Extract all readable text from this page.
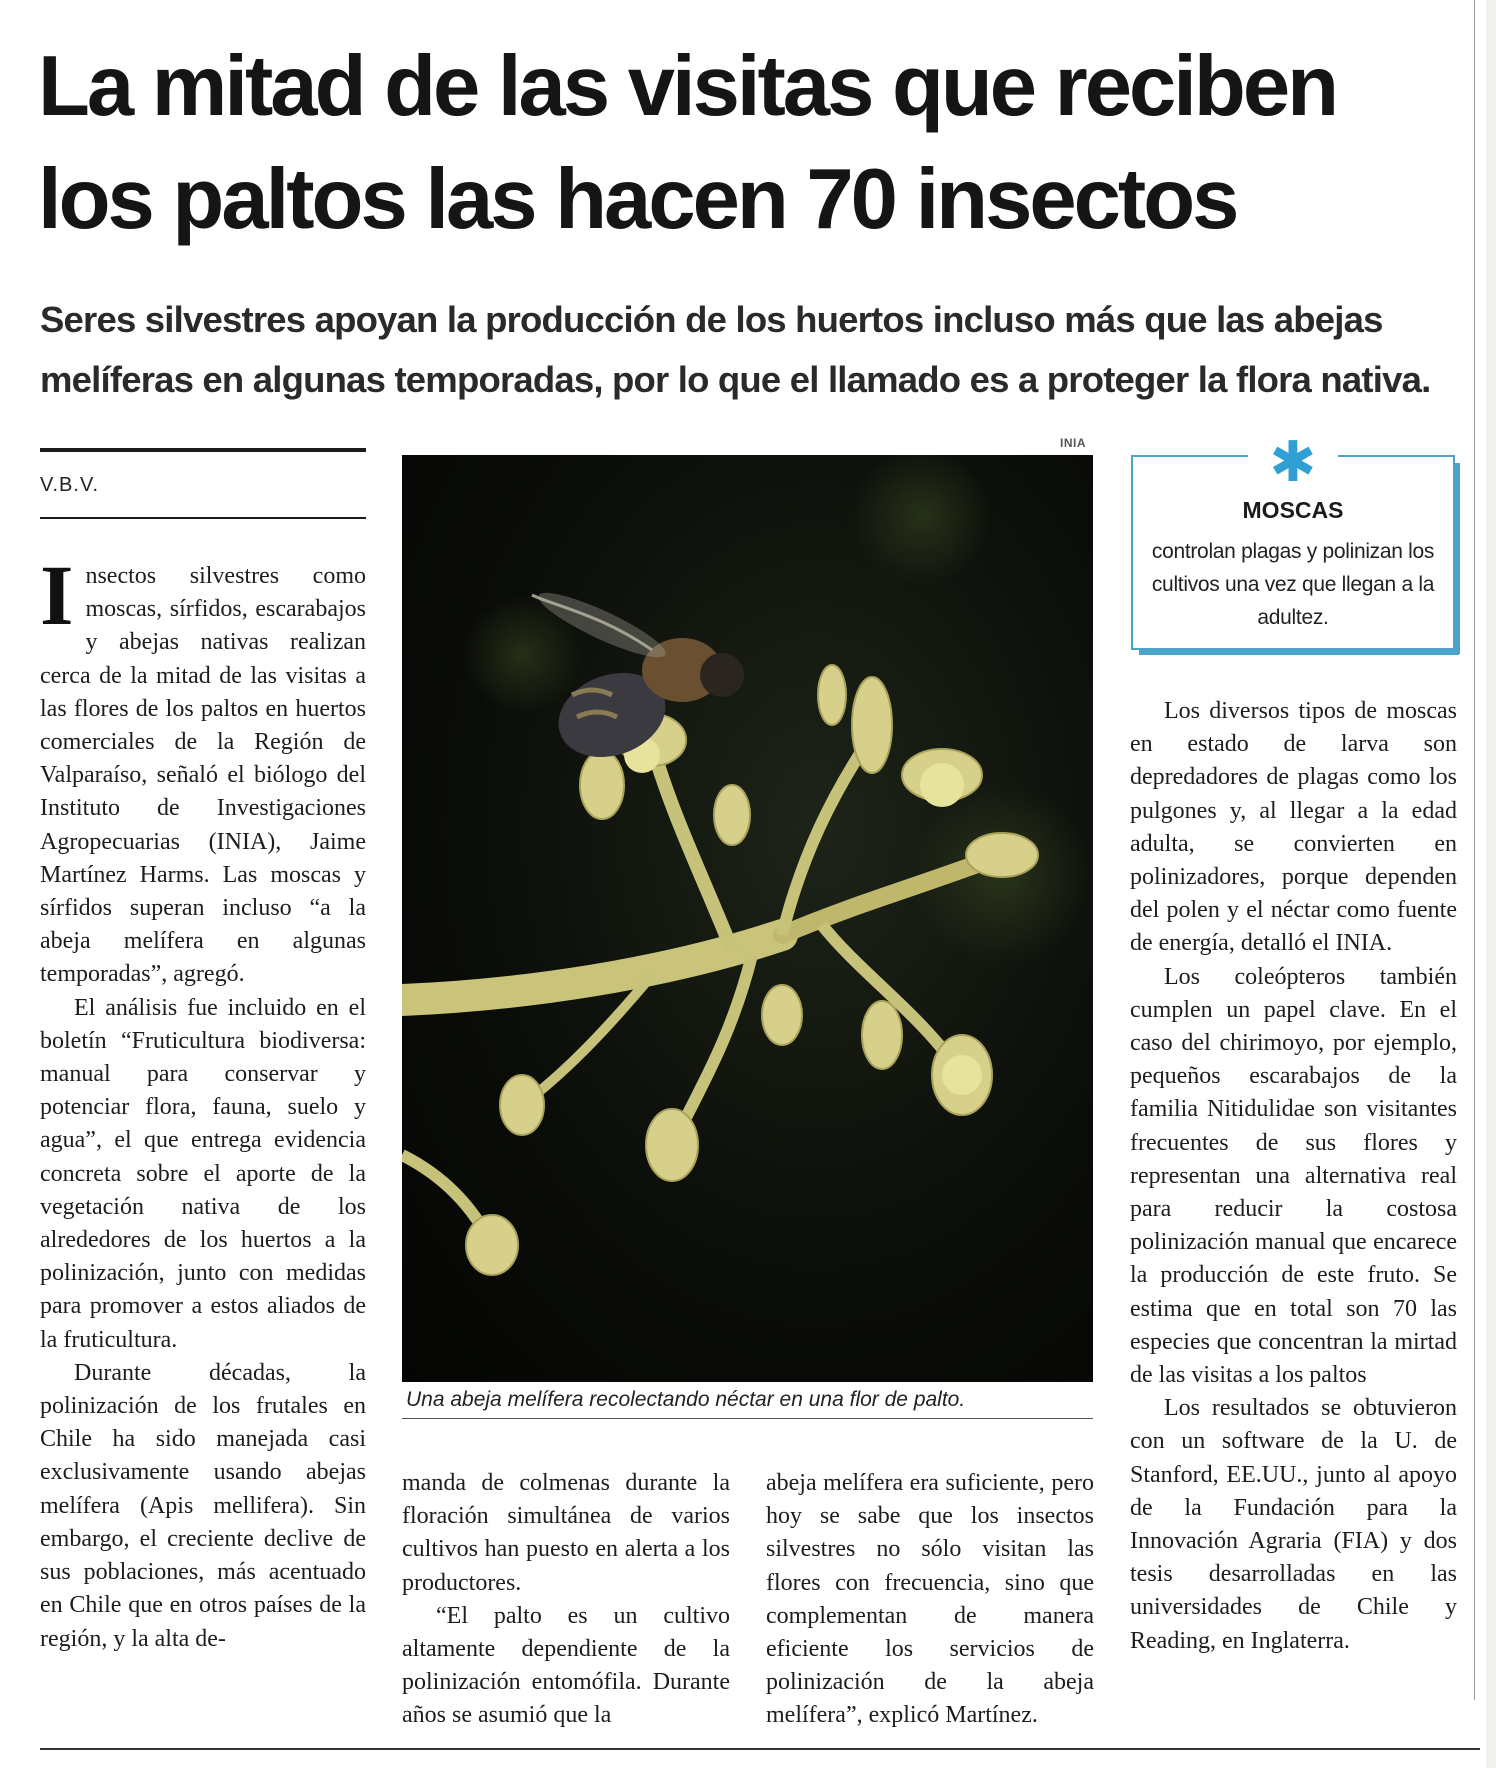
La mitad de las visitas que reciben los paltos las hacen 70 insectos
Seres silvestres apoyan la producción de los huertos incluso más que las abejas melíferas en algunas temporadas, por lo que el llamado es a proteger la flora nativa.
V.B.V.

Insectos silvestres como moscas, sírfidos, escarabajos y abejas nativas realizan cerca de la mitad de las visitas a las flores de los paltos en huertos comerciales de la Región de Valparaíso, señaló el biólogo del Instituto de Investigaciones Agropecuarias (INIA), Jaime Martínez Harms. Las moscas y sírfidos superan incluso “a la abeja melífera en algunas temporadas”, agregó.

El análisis fue incluido en el boletín “Fruticultura biodiversa: manual para conservar y potenciar flora, fauna, suelo y agua”, el que entrega evidencia concreta sobre el aporte de la vegetación nativa de los alrededores de los huertos a la polinización, junto con medidas para promover a estos aliados de la fruticultura.

Durante décadas, la polinización de los frutales en Chile ha sido manejada casi exclusivamente usando abejas melífera (Apis mellifera). Sin embargo, el creciente declive de sus poblaciones, más acentuado en Chile que en otros países de la región, y la alta de-

INIA
Una abeja melífera recolectando néctar en una flor de palto.
✱
MOSCAS
controlan plagas y polinizan los cultivos una vez que llegan a la adultez.

manda de colmenas durante la floración simultánea de varios cultivos han puesto en alerta a los productores.

“El palto es un cultivo altamente dependiente de la polinización entomófila. Durante años se asumió que la

abeja melífera era suficiente, pero hoy se sabe que los insectos silvestres no sólo visitan las flores con frecuencia, sino que complementan de manera eficiente los servicios de polinización de la abeja melífera”, explicó Martínez.

Los diversos tipos de moscas en estado de larva son depredadores de plagas como los pulgones y, al llegar a la edad adulta, se convierten en polinizadores, porque dependen del polen y el néctar como fuente de energía, detalló el INIA.

Los coleópteros también cumplen un papel clave. En el caso del chirimoyo, por ejemplo, pequeños escarabajos de la familia Nitidulidae son visitantes frecuentes de sus flores y representan una alternativa real para reducir la costosa polinización manual que encarece la producción de este fruto. Se estima que en total son 70 las especies que concentran la mirtad de las visitas a los paltos

Los resultados se obtuvieron con un software de la U. de Stanford, EE.UU., junto al apoyo de la Fundación para la Innovación Agraria (FIA) y dos tesis desarrolladas en las universidades de Chile y Reading, en Inglaterra.
